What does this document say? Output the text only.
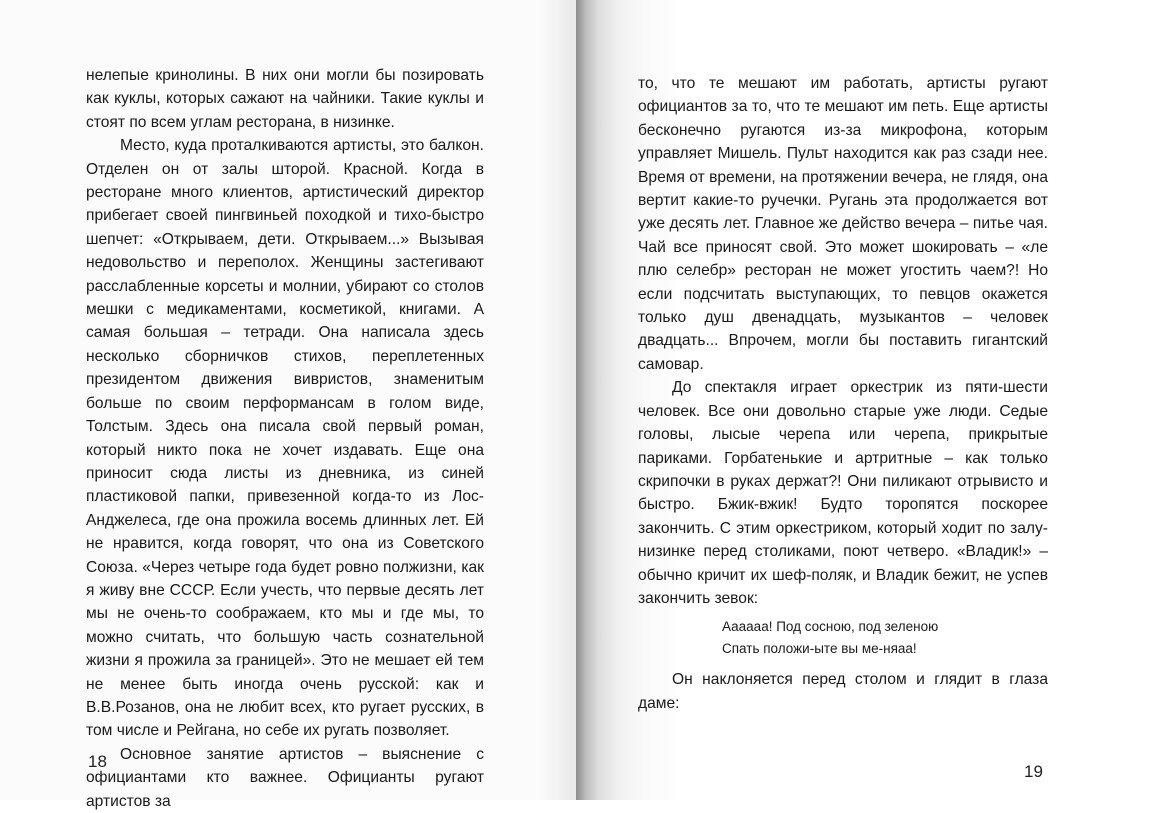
нелепые кринолины. В них они могли бы позировать как куклы, которых сажают на чайники. Такие куклы и стоят по всем углам ресторана, в низинке.

Место, куда проталкиваются артисты, это балкон. Отделен он от залы шторой. Красной. Когда в ресторане много клиентов, артистический директор прибегает своей пингвиньей походкой и тихо-быстро шепчет: «Открываем, дети. Открываем...» Вызывая недовольство и переполох. Женщины застегивают расслабленные корсеты и молнии, убирают со столов мешки с медикаментами, косметикой, книгами. А самая большая – тетради. Она написала здесь несколько сборничков стихов, переплетенных президентом движения вивристов, знаменитым больше по своим перформансам в голом виде, Толстым. Здесь она писала свой первый роман, который никто пока не хочет издавать. Еще она приносит сюда листы из дневника, из синей пластиковой папки, привезенной когда-то из Лос-Анджелеса, где она прожила восемь длинных лет. Ей не нравится, когда говорят, что она из Советского Союза. «Через четыре года будет ровно полжизни, как я живу вне СССР. Если учесть, что первые десять лет мы не очень-то соображаем, кто мы и где мы, то можно считать, что большую часть сознательной жизни я прожила за границей». Это не мешает ей тем не менее быть иногда очень русской: как и В.В.Розанов, она не любит всех, кто ругает русских, в том числе и Рейгана, но себе их ругать позволяет.

Основное занятие артистов – выяснение с официантами кто важнее. Официанты ругают артистов за

18

то, что те мешают им работать, артисты ругают официантов за то, что те мешают им петь. Еще артисты бесконечно ругаются из-за микрофона, которым управляет Мишель. Пульт находится как раз сзади нее. Время от времени, на протяжении вечера, не глядя, она вертит какие-то ручечки. Ругань эта продолжается вот уже десять лет. Главное же действо вечера – питье чая. Чай все приносят свой. Это может шокировать – «ле плю селебр» ресторан не может угостить чаем?! Но если подсчитать выступающих, то певцов окажется только душ двенадцать, музыкантов – человек двадцать... Впрочем, могли бы поставить гигантский самовар.

До спектакля играет оркестрик из пяти-шести человек. Все они довольно старые уже люди. Седые головы, лысые черепа или черепа, прикрытые париками. Горбатенькие и артритные – как только скрипочки в руках держат?! Они пиликают отрывисто и быстро. Бжик-вжик! Будто торопятся поскорее закончить. С этим оркестриком, который ходит по залу-низинке перед столиками, поют четверо. «Владик!» – обычно кричит их шеф-поляк, и Владик бежит, не успев закончить зевок:

Аааааа! Под сосною, под зеленою
Спать положи-ыте вы ме-няаа!

Он наклоняется перед столом и глядит в глаза даме:

19
